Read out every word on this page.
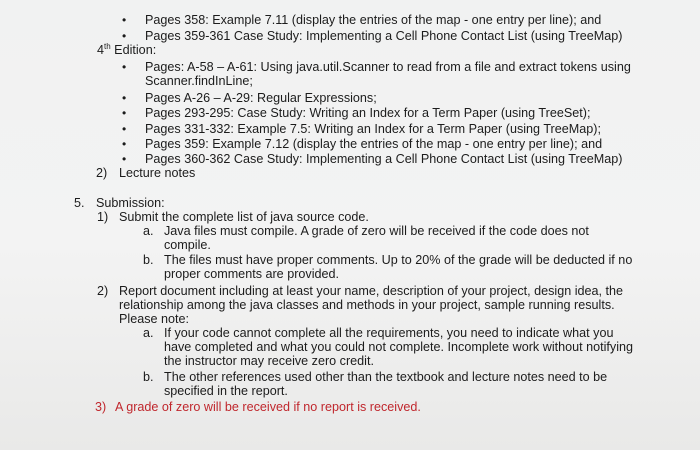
• Pages 358: Example 7.11 (display the entries of the map - one entry per line); and
• Pages 359-361 Case Study: Implementing a Cell Phone Contact List (using TreeMap)
4th Edition:
• Pages: A-58 – A-61: Using java.util.Scanner to read from a file and extract tokens using
Scanner.findInLine;
• Pages A-26 – A-29: Regular Expressions;
• Pages 293-295: Case Study: Writing an Index for a Term Paper (using TreeSet);
• Pages 331-332: Example 7.5: Writing an Index for a Term Paper (using TreeMap);
• Pages 359: Example 7.12 (display the entries of the map - one entry per line); and
• Pages 360-362 Case Study: Implementing a Cell Phone Contact List (using TreeMap)
2) Lecture notes
5. Submission:
1) Submit the complete list of java source code.
a. Java files must compile. A grade of zero will be received if the code does not
compile.
b. The files must have proper comments. Up to 20% of the grade will be deducted if no
proper comments are provided.
2) Report document including at least your name, description of your project, design idea, the
relationship among the java classes and methods in your project, sample running results.
Please note:
a. If your code cannot complete all the requirements, you need to indicate what you
have completed and what you could not complete. Incomplete work without notifying
the instructor may receive zero credit.
b. The other references used other than the textbook and lecture notes need to be
specified in the report.
3) A grade of zero will be received if no report is received.
